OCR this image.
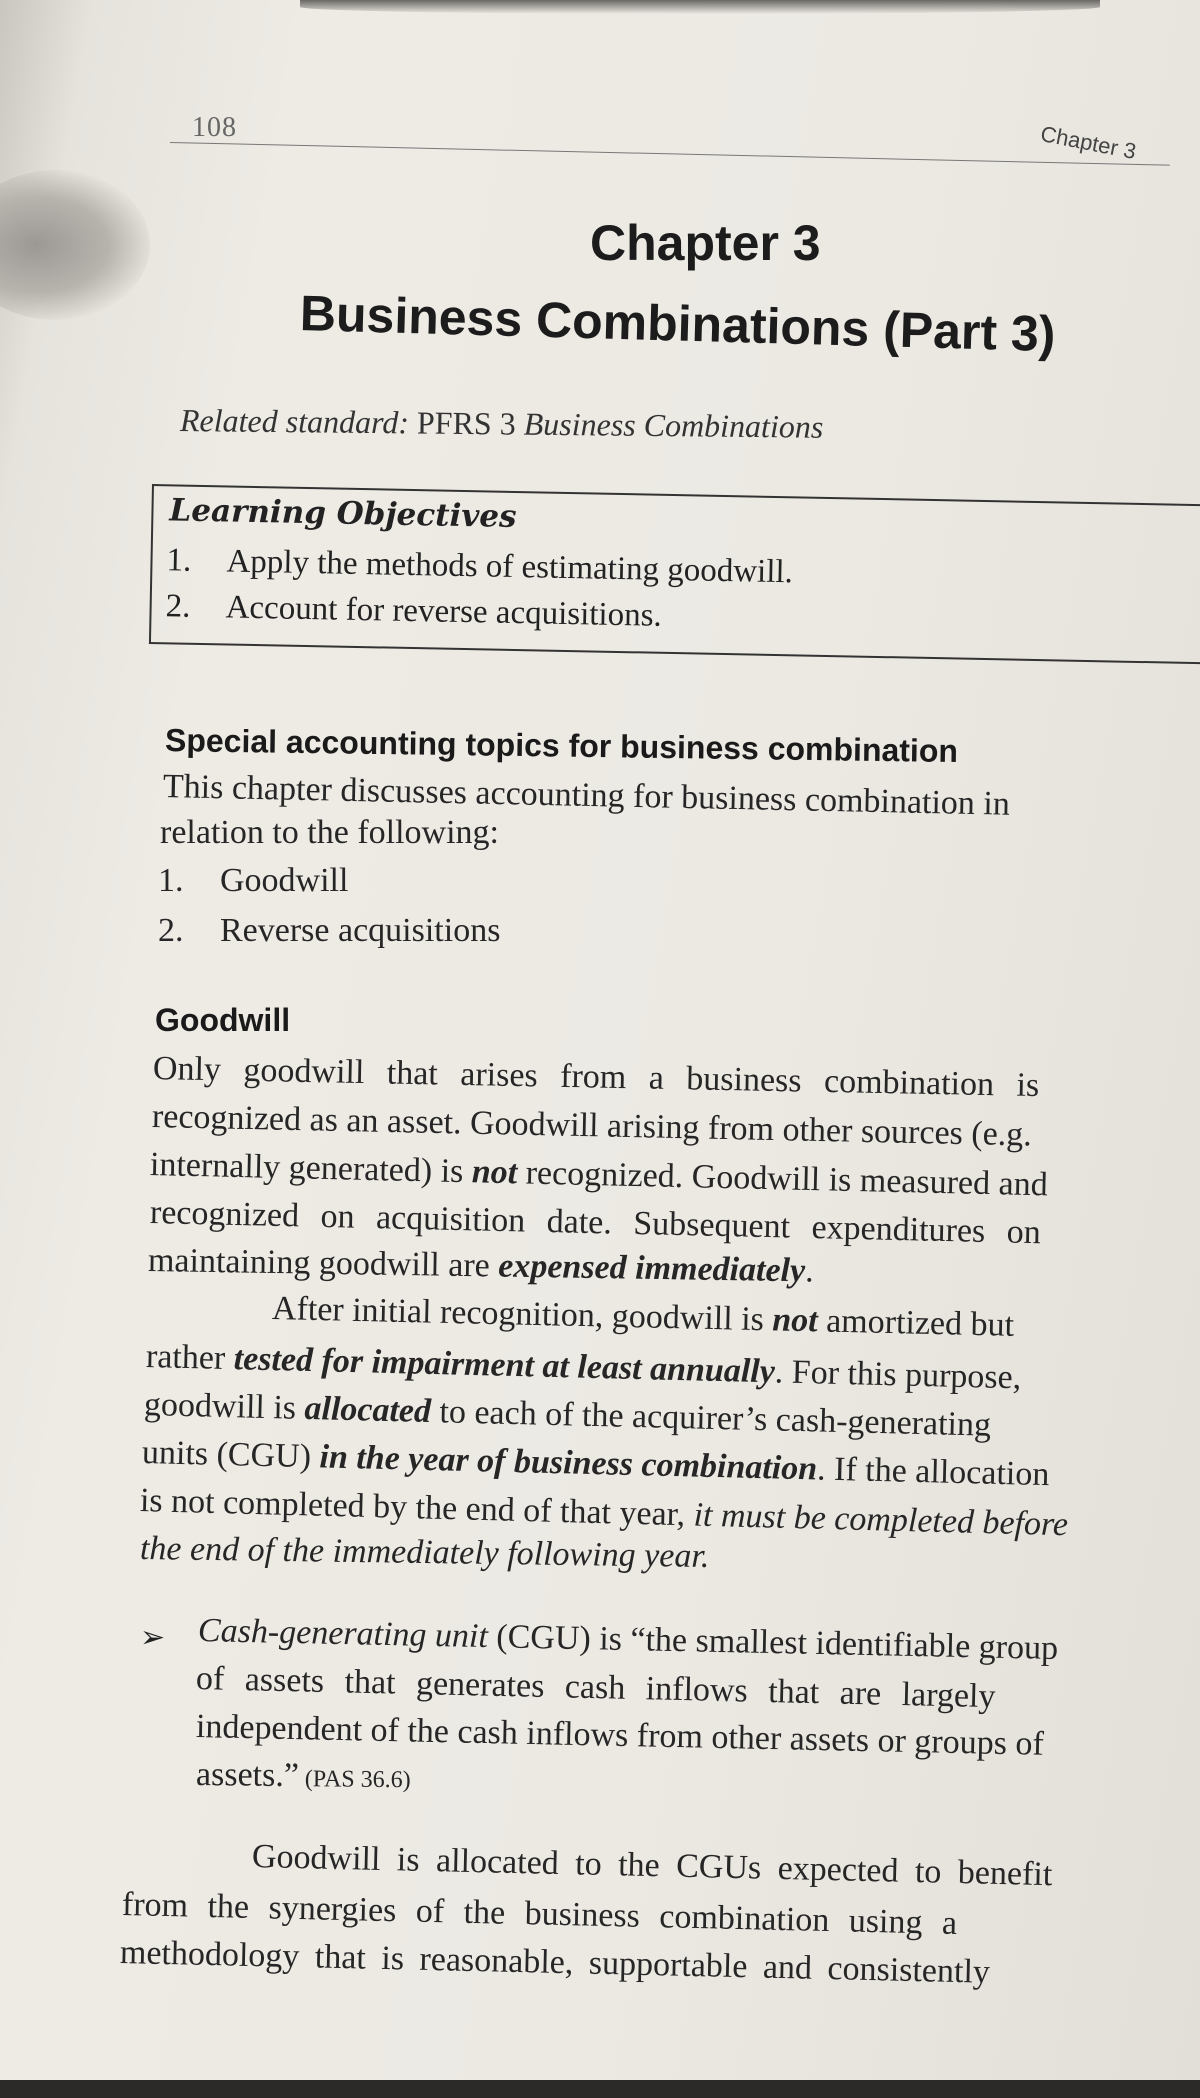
108	Chapter 3
Chapter 3
Business Combinations (Part 3)
Related standard: PFRS 3 Business Combinations
Learning Objectives
1. Apply the methods of estimating goodwill.
2. Account for reverse acquisitions.
Special accounting topics for business combination
This chapter discusses accounting for business combination in
relation to the following:
1. Goodwill
2. Reverse acquisitions
Goodwill
Only goodwill that arises from a business combination is
recognized as an asset. Goodwill arising from other sources (e.g.
internally generated) is not recognized. Goodwill is measured and
recognized on acquisition date. Subsequent expenditures on
maintaining goodwill are expensed immediately.
After initial recognition, goodwill is not amortized but
rather tested for impairment at least annually. For this purpose,
goodwill is allocated to each of the acquirer’s cash-generating
units (CGU) in the year of business combination. If the allocation
is not completed by the end of that year, it must be completed before
the end of the immediately following year.
➢ Cash-generating unit (CGU) is “the smallest identifiable group
of assets that generates cash inflows that are largely
independent of the cash inflows from other assets or groups of
assets.” (PAS 36.6)
Goodwill is allocated to the CGUs expected to benefit
from the synergies of the business combination using a
methodology that is reasonable, supportable and consistently
